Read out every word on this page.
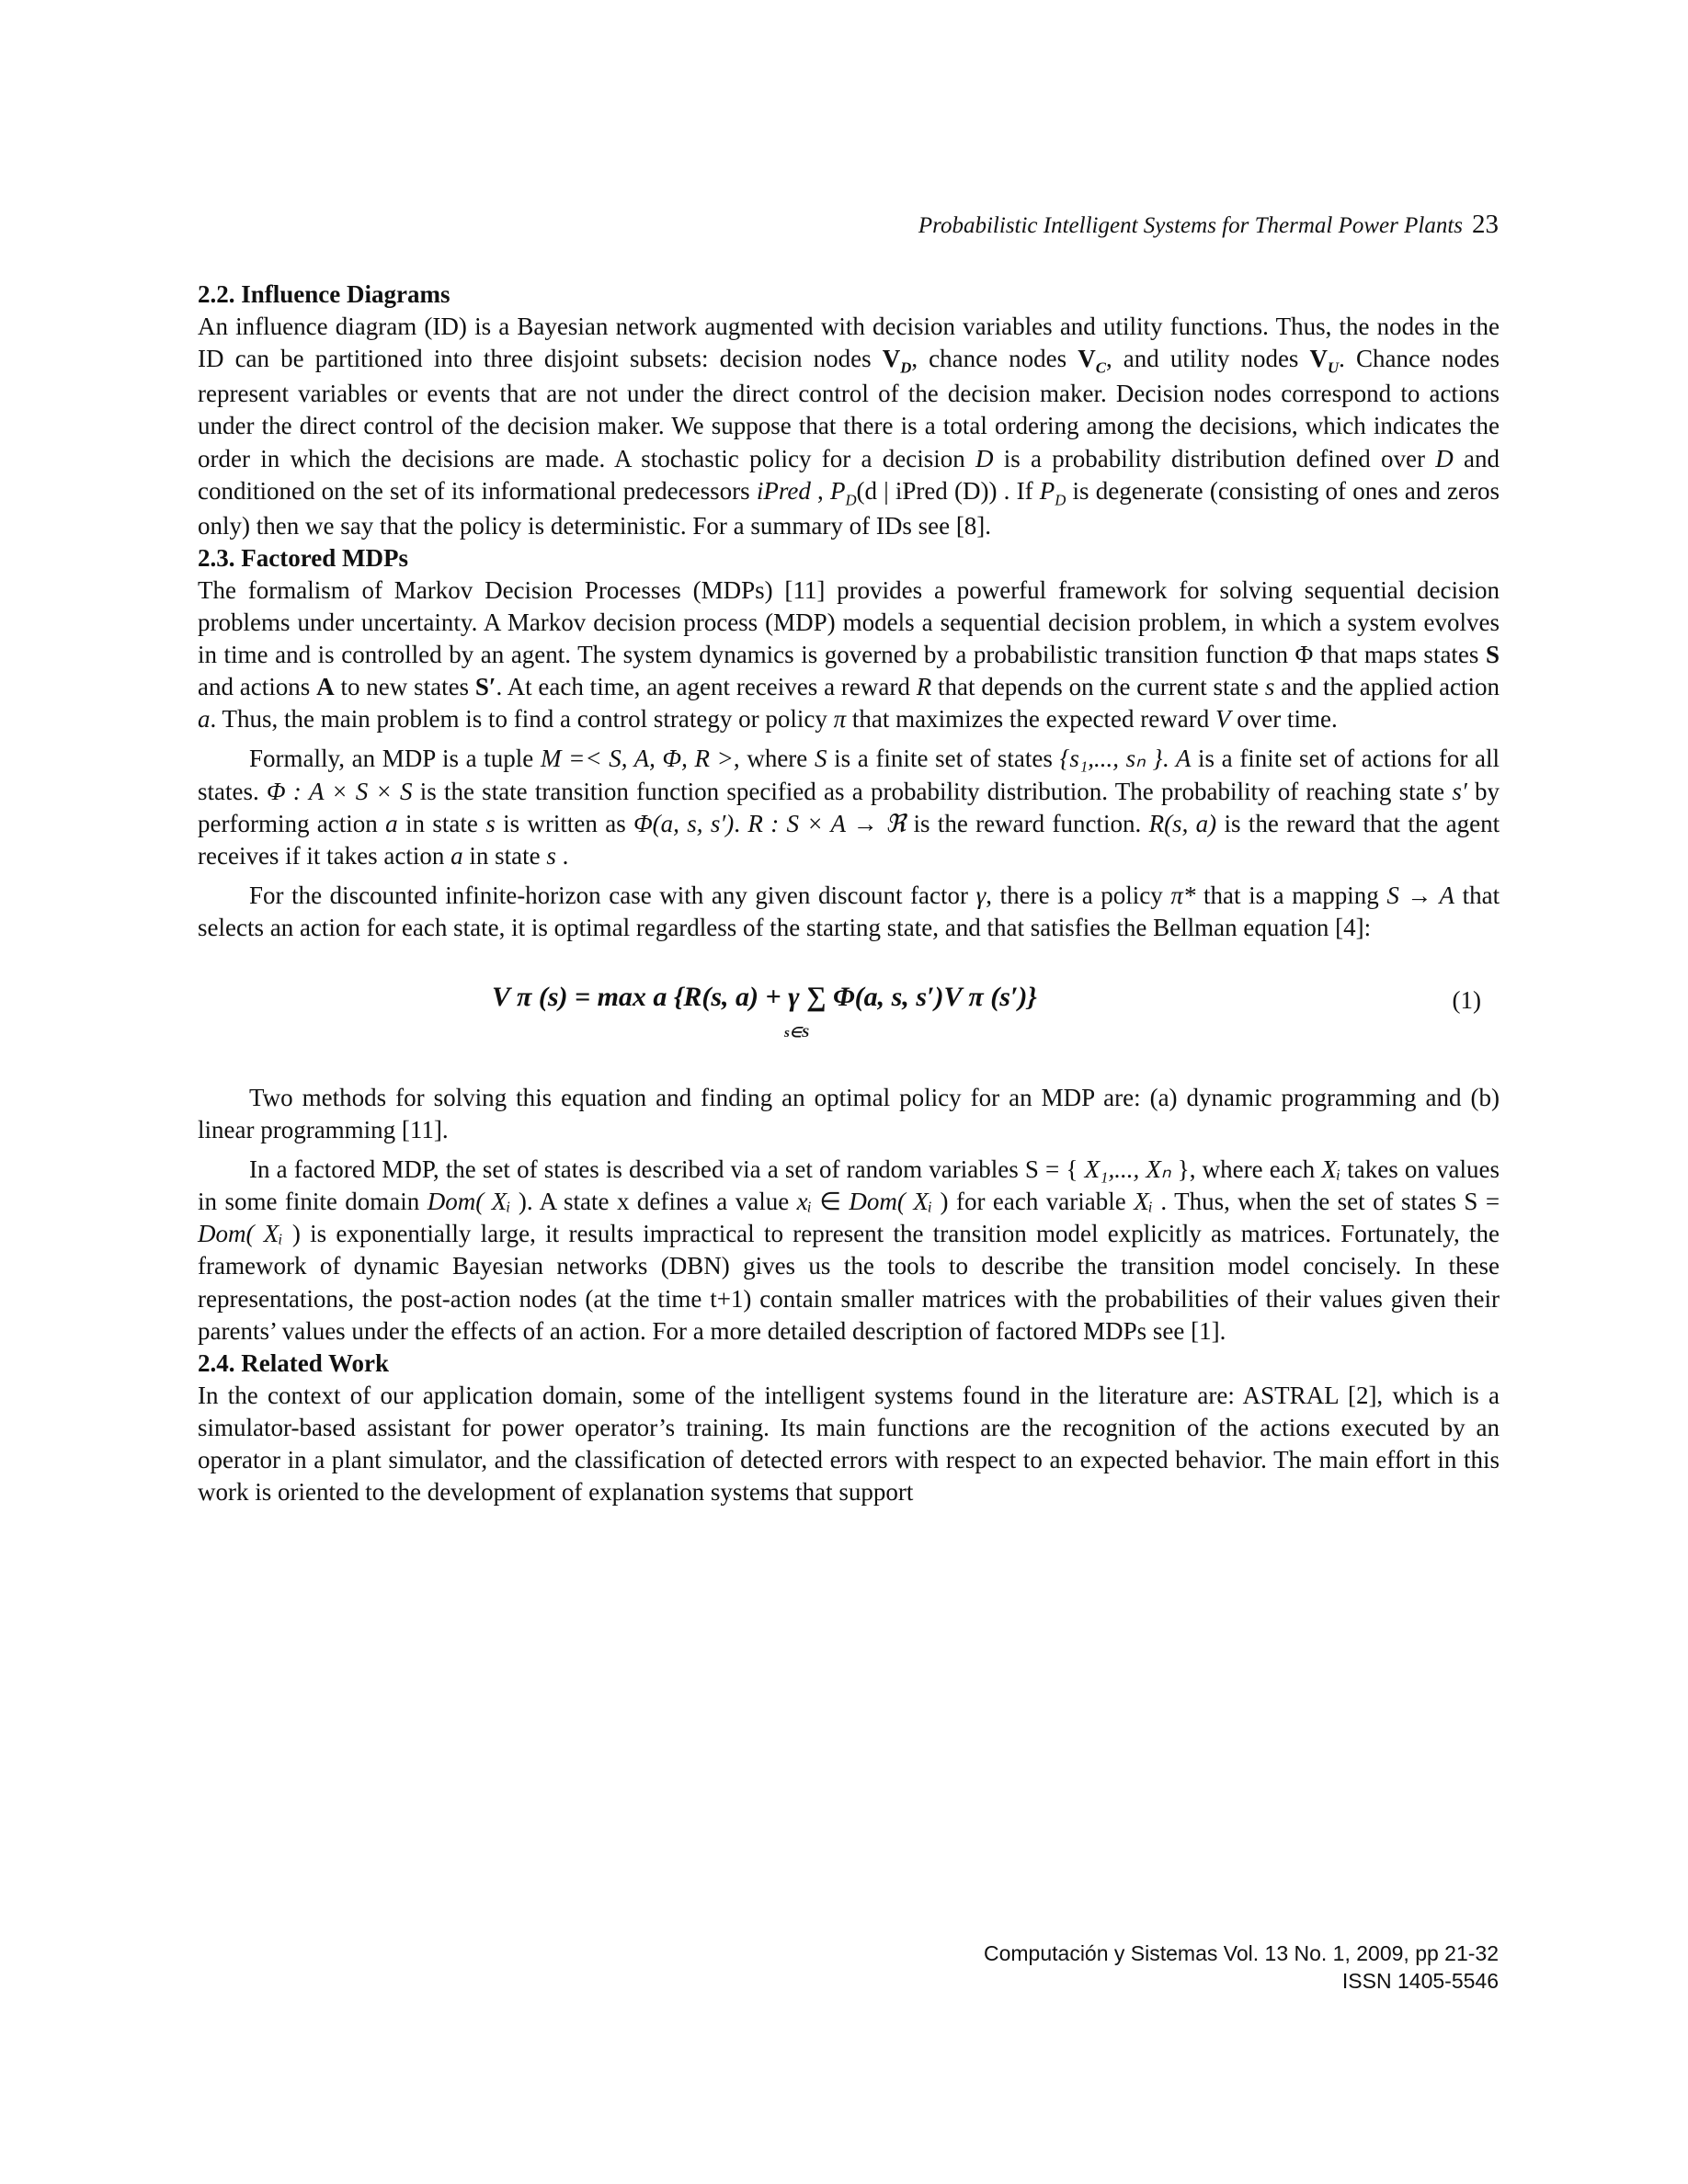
Probabilistic Intelligent Systems for Thermal Power Plants 23
2.2. Influence Diagrams

An influence diagram (ID) is a Bayesian network augmented with decision variables and utility functions. Thus, the nodes in the ID can be partitioned into three disjoint subsets: decision nodes $V_D$, chance nodes $V_C$, and utility nodes $V_U$. Chance nodes represent variables or events that are not under the direct control of the decision maker. Decision nodes correspond to actions under the direct control of the decision maker. We suppose that there is a total ordering among the decisions, which indicates the order in which the decisions are made. A stochastic policy for a decision D is a probability distribution defined over D and conditioned on the set of its informational predecessors iPred , $P_D(d$ | iPred (D)) . If $P_D$ is degenerate (consisting of ones and zeros only) then we say that the policy is deterministic. For a summary of IDs see [8].

2.3. Factored MDPs

The formalism of Markov Decision Processes (MDPs) [11] provides a powerful framework for solving sequential decision problems under uncertainty. A Markov decision process (MDP) models a sequential decision problem, in which a system evolves in time and is controlled by an agent. The system dynamics is governed by a probabilistic transition function Φ that maps states S and actions A to new states S′. At each time, an agent receives a reward R that depends on the current state s and the applied action a. Thus, the main problem is to find a control strategy or policy π that maximizes the expected reward V over time.

Formally, an MDP is a tuple M =< S, A, Φ, R >, where S is a finite set of states {s₁,..., sₙ }. A is a finite set of actions for all states. Φ : A × S × S is the state transition function specified as a probability distribution. The probability of reaching state s′ by performing action a in state s is written as Φ(a, s, s′). R : S × A → ℜ is the reward function. R(s, a) is the reward that the agent receives if it takes action a in state s .

For the discounted infinite-horizon case with any given discount factor γ, there is a policy π* that is a mapping S → A that selects an action for each state, it is optimal regardless of the starting state, and that satisfies the Bellman equation [4]:

V π (s) = max a {R(s, a) + γ ∑ Φ(a, s, s′)V π (s′)}
s∈S
(1)

Two methods for solving this equation and finding an optimal policy for an MDP are: (a) dynamic programming and (b) linear programming [11].

In a factored MDP, the set of states is described via a set of random variables S = { X₁,..., Xₙ }, where each Xᵢ takes on values in some finite domain Dom( Xᵢ ). A state x defines a value xᵢ ∈ Dom( Xᵢ ) for each variable Xᵢ . Thus, when the set of states S = Dom( Xᵢ ) is exponentially large, it results impractical to represent the transition model explicitly as matrices. Fortunately, the framework of dynamic Bayesian networks (DBN) gives us the tools to describe the transition model concisely. In these representations, the post-action nodes (at the time t+1) contain smaller matrices with the probabilities of their values given their parents’ values under the effects of an action. For a more detailed description of factored MDPs see [1].

2.4. Related Work

In the context of our application domain, some of the intelligent systems found in the literature are: ASTRAL [2], which is a simulator-based assistant for power operator’s training. Its main functions are the recognition of the actions executed by an operator in a plant simulator, and the classification of detected errors with respect to an expected behavior. The main effort in this work is oriented to the development of explanation systems that support

Computación y Sistemas Vol. 13 No. 1, 2009, pp 21-32
ISSN 1405-5546
